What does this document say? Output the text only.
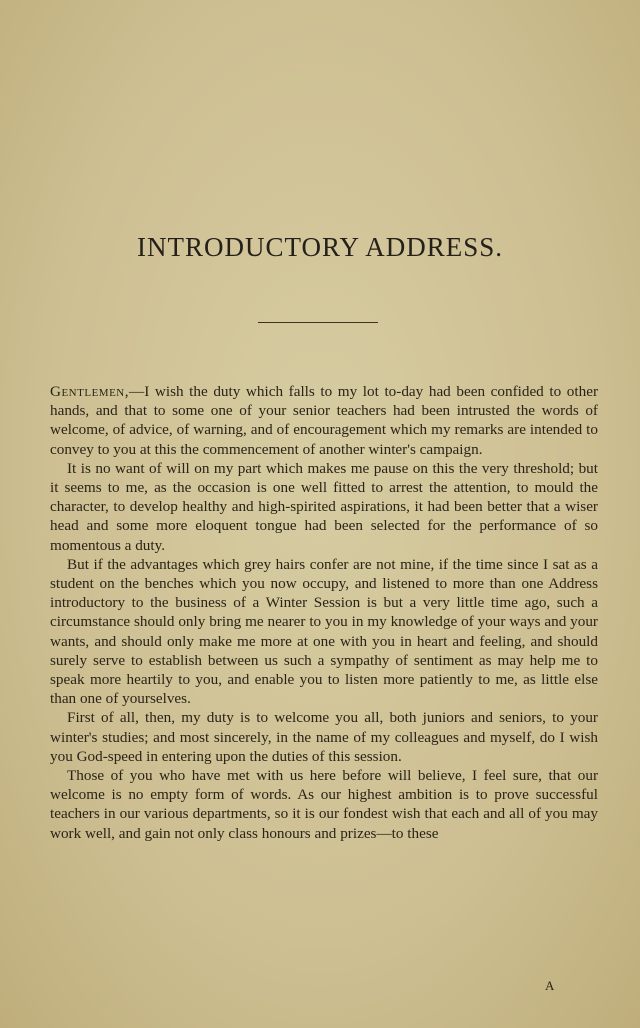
INTRODUCTORY ADDRESS.

Gentlemen,—I wish the duty which falls to my lot to-day had been confided to other hands, and that to some one of your senior teachers had been intrusted the words of welcome, of advice, of warning, and of encouragement which my remarks are intended to convey to you at this the commencement of another winter's campaign.

It is no want of will on my part which makes me pause on this the very threshold; but it seems to me, as the occasion is one well fitted to arrest the attention, to mould the character, to develop healthy and high-spirited aspirations, it had been better that a wiser head and some more eloquent tongue had been selected for the performance of so momentous a duty.

But if the advantages which grey hairs confer are not mine, if the time since I sat as a student on the benches which you now occupy, and listened to more than one Address introductory to the business of a Winter Session is but a very little time ago, such a circumstance should only bring me nearer to you in my knowledge of your ways and your wants, and should only make me more at one with you in heart and feeling, and should surely serve to establish between us such a sympathy of sentiment as may help me to speak more heartily to you, and enable you to listen more patiently to me, as little else than one of yourselves.

First of all, then, my duty is to welcome you all, both juniors and seniors, to your winter's studies; and most sincerely, in the name of my colleagues and myself, do I wish you God-speed in entering upon the duties of this session.

Those of you who have met with us here before will believe, I feel sure, that our welcome is no empty form of words. As our highest ambition is to prove successful teachers in our various departments, so it is our fondest wish that each and all of you may work well, and gain not only class honours and prizes—to these

A
